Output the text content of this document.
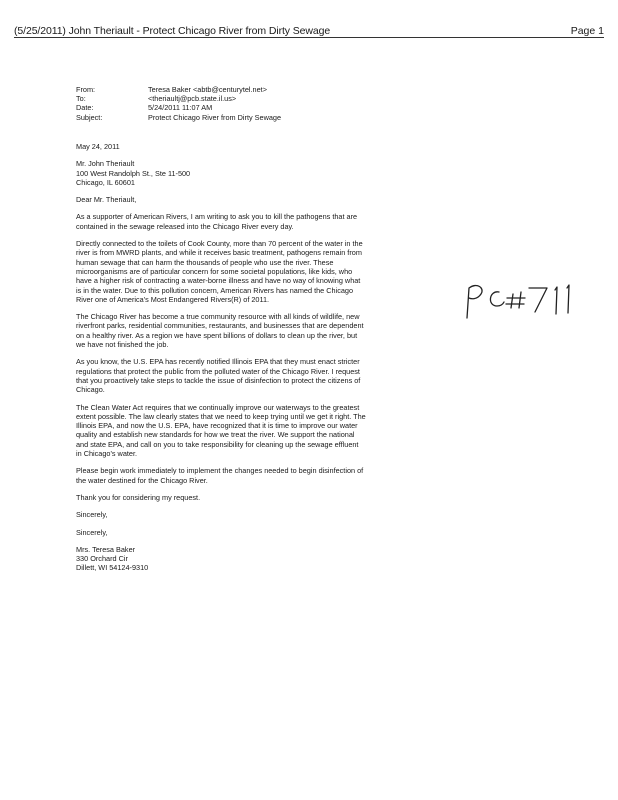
(5/25/2011) John Theriault - Protect Chicago River from Dirty Sewage	Page 1
From:	Teresa Baker <abtb@centurytel.net>
To:	<theriaultj@pcb.state.il.us>
Date:	5/24/2011 11:07 AM
Subject:	Protect Chicago River from Dirty Sewage

May 24, 2011

Mr. John Theriault
100 West Randolph St., Ste 11-500
Chicago, IL 60601

Dear Mr. Theriault,

As a supporter of American Rivers, I am writing to ask you to kill the pathogens that are contained in the sewage released into the Chicago River every day.

Directly connected to the toilets of Cook County, more than 70 percent of the water in the river is from MWRD plants, and while it receives basic treatment, pathogens remain from human sewage that can harm the thousands of people who use the river. These microorganisms are of particular concern for some societal populations, like kids, who have a higher risk of contracting a water-borne illness and have no way of knowing what is in the water. Due to this pollution concern, American Rivers has named the Chicago River one of America's Most Endangered Rivers(R) of 2011.

The Chicago River has become a true community resource with all kinds of wildlife, new riverfront parks, residential communities, restaurants, and businesses that are dependent on a healthy river. As a region we have spent billions of dollars to clean up the river, but we have not finished the job.

As you know, the U.S. EPA has recently notified Illinois EPA that they must enact stricter regulations that protect the public from the polluted water of the Chicago River. I request that you proactively take steps to tackle the issue of disinfection to protect the citizens of Chicago.

The Clean Water Act requires that we continually improve our waterways to the greatest extent possible. The law clearly states that we need to keep trying until we get it right. The Illinois EPA, and now the U.S. EPA, have recognized that it is time to improve our water quality and establish new standards for how we treat the river. We support the national and state EPA, and call on you to take responsibility for cleaning up the sewage effluent in Chicago's water.

Please begin work immediately to implement the changes needed to begin disinfection of the water destined for the Chicago River.

Thank you for considering my request.

Sincerely,

Sincerely,

Mrs. Teresa Baker
330 Orchard Cir
Dillett, WI 54124-9310
